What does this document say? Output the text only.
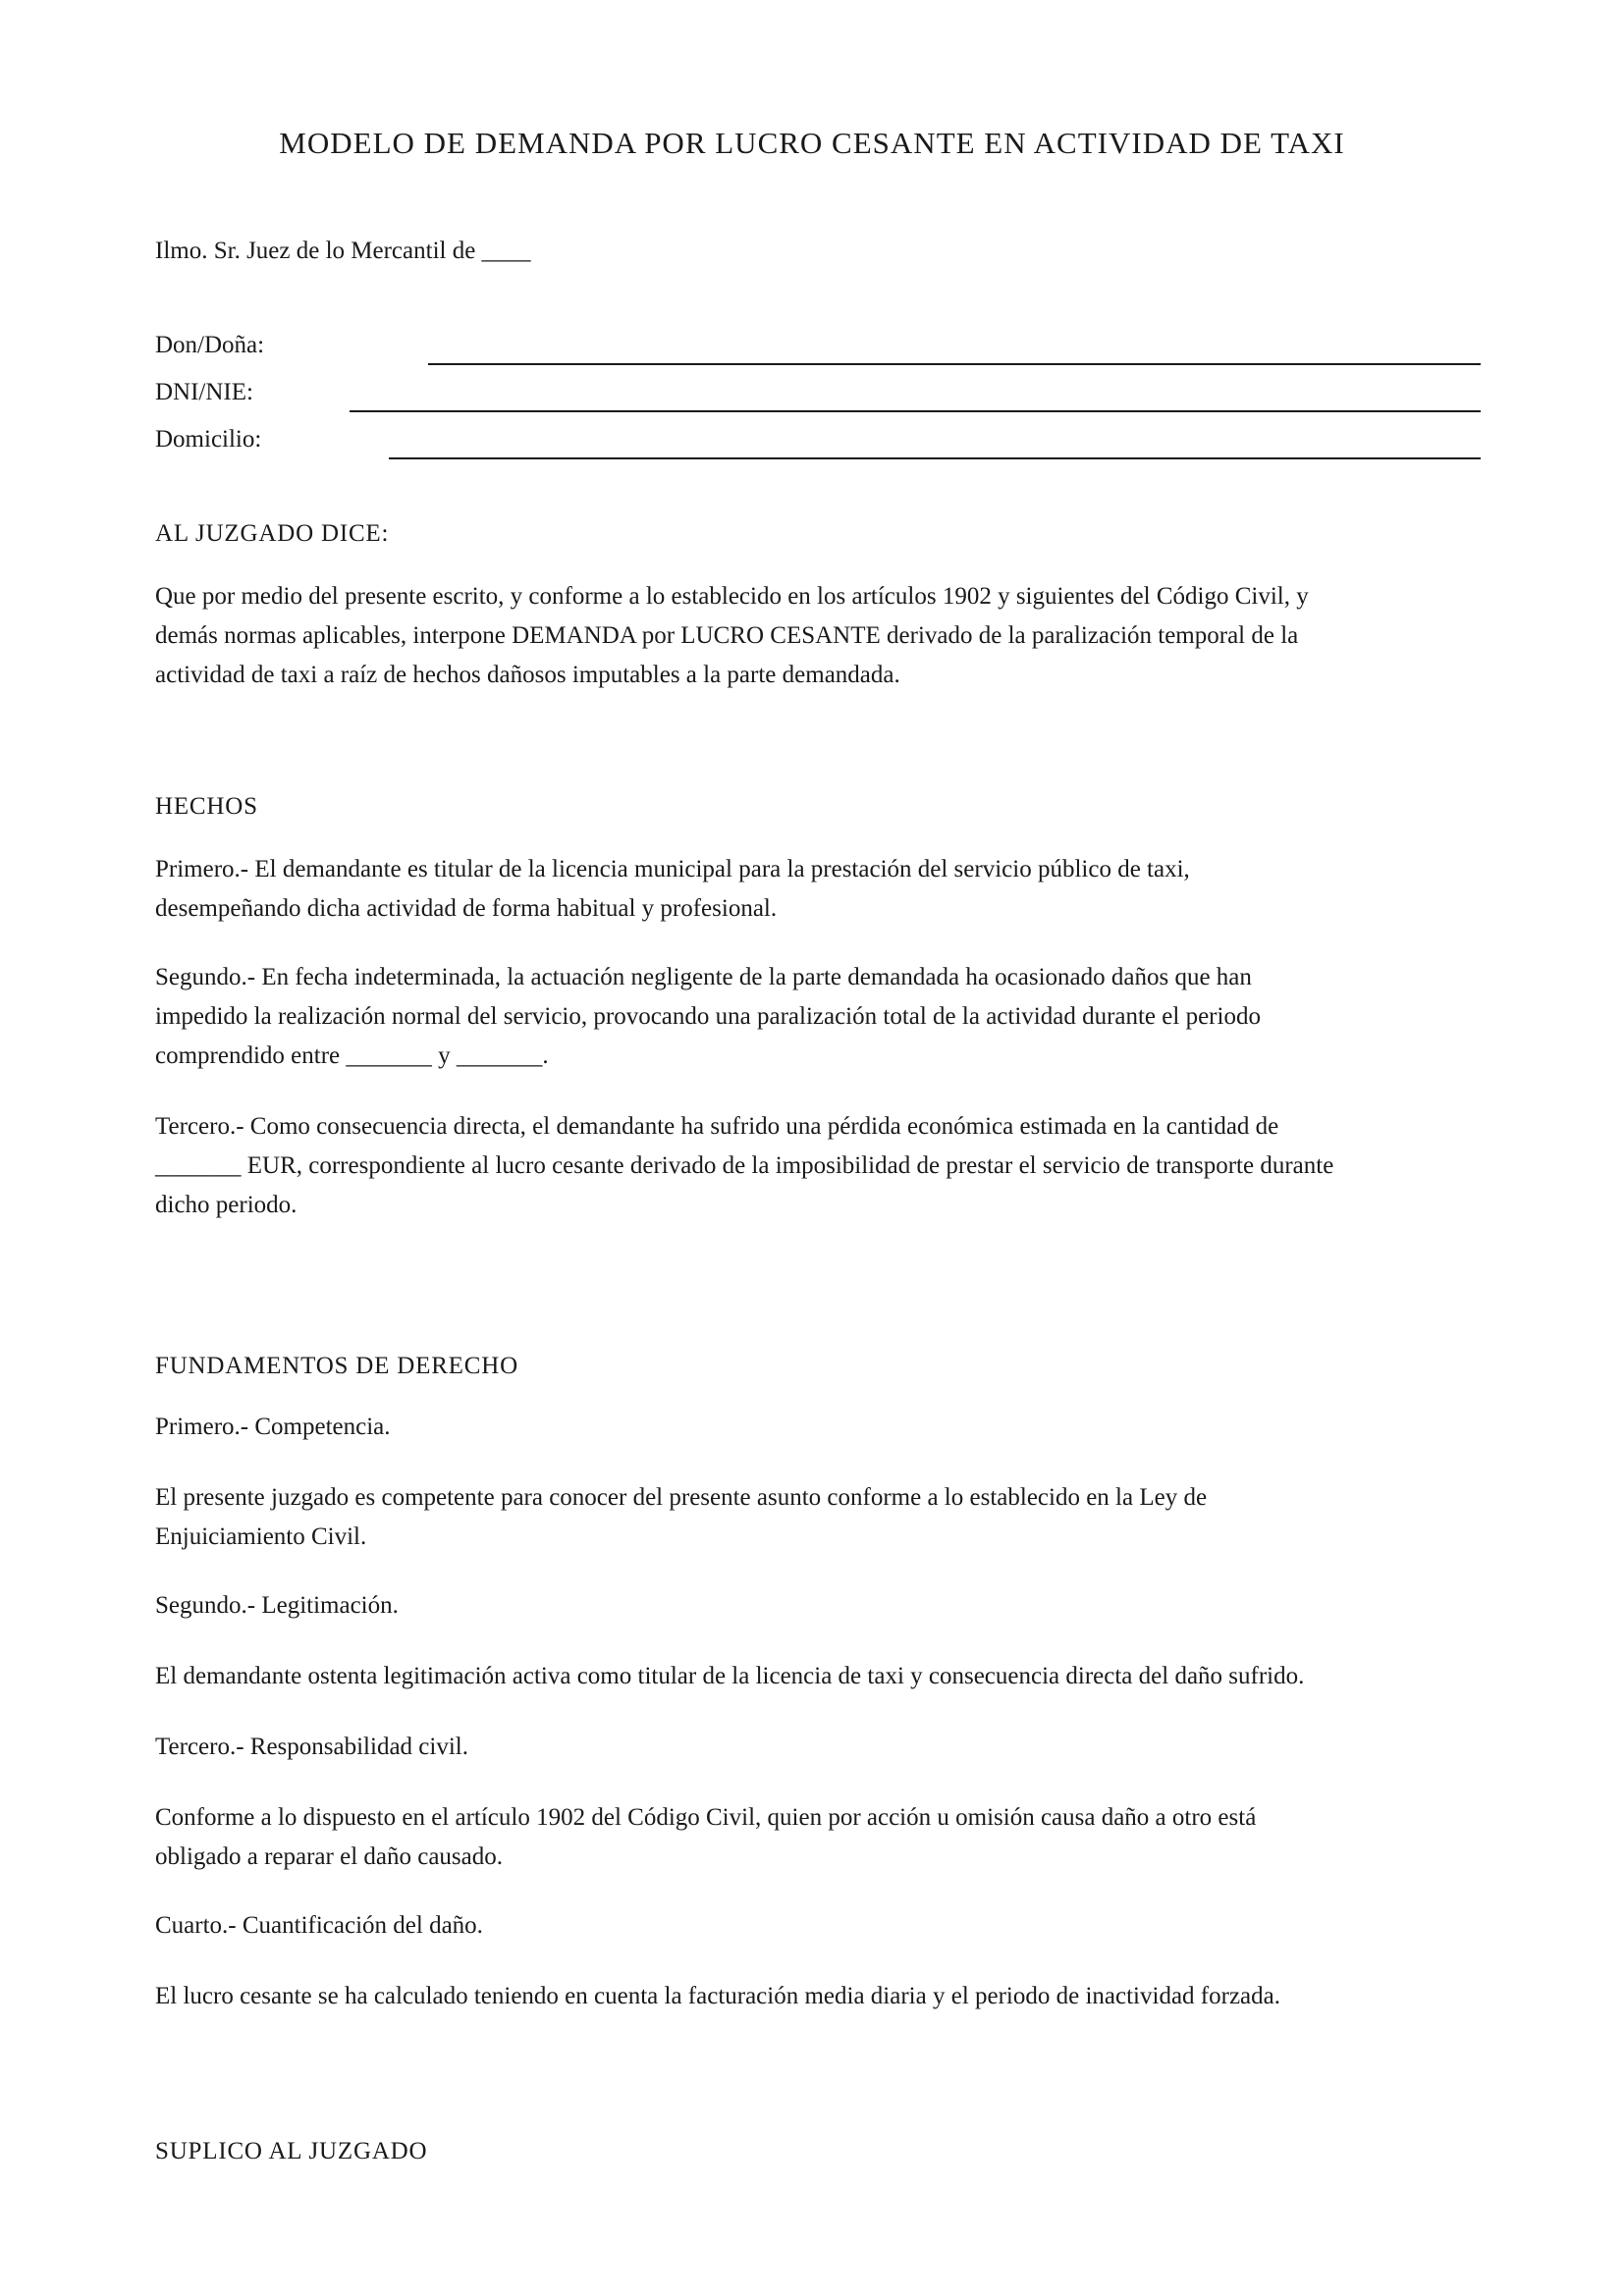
MODELO DE DEMANDA POR LUCRO CESANTE EN ACTIVIDAD DE TAXI
Ilmo. Sr. Juez de lo Mercantil de ____
Don/Doña:
DNI/NIE:
Domicilio:
AL JUZGADO DICE:
Que por medio del presente escrito, y conforme a lo establecido en los artículos 1902 y siguientes del Código Civil, y
demás normas aplicables, interpone DEMANDA por LUCRO CESANTE derivado de la paralización temporal de la
actividad de taxi a raíz de hechos dañosos imputables a la parte demandada.
HECHOS
Primero.- El demandante es titular de la licencia municipal para la prestación del servicio público de taxi,
desempeñando dicha actividad de forma habitual y profesional.
Segundo.- En fecha indeterminada, la actuación negligente de la parte demandada ha ocasionado daños que han
impedido la realización normal del servicio, provocando una paralización total de la actividad durante el periodo
comprendido entre _______ y _______.
Tercero.- Como consecuencia directa, el demandante ha sufrido una pérdida económica estimada en la cantidad de
_______ EUR, correspondiente al lucro cesante derivado de la imposibilidad de prestar el servicio de transporte durante
dicho periodo.
FUNDAMENTOS DE DERECHO
Primero.- Competencia.
El presente juzgado es competente para conocer del presente asunto conforme a lo establecido en la Ley de
Enjuiciamiento Civil.
Segundo.- Legitimación.
El demandante ostenta legitimación activa como titular de la licencia de taxi y consecuencia directa del daño sufrido.
Tercero.- Responsabilidad civil.
Conforme a lo dispuesto en el artículo 1902 del Código Civil, quien por acción u omisión causa daño a otro está
obligado a reparar el daño causado.
Cuarto.- Cuantificación del daño.
El lucro cesante se ha calculado teniendo en cuenta la facturación media diaria y el periodo de inactividad forzada.
SUPLICO AL JUZGADO
